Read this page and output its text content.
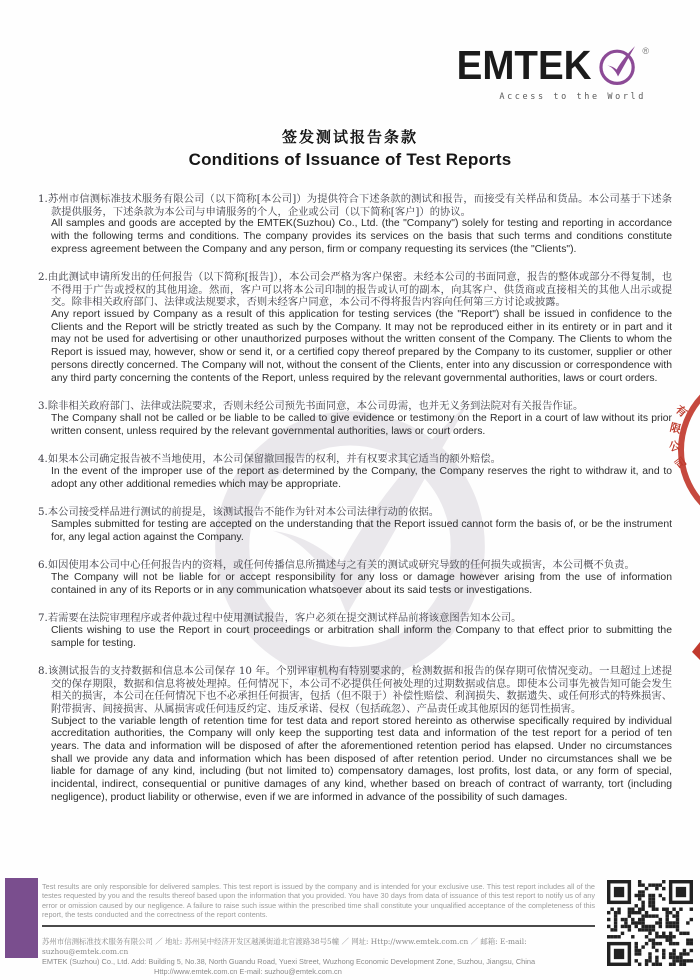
EMTEK	®
Access to the World
签发测试报告条款
Conditions of Issuance of Test Reports

1.苏州市信测标准技术服务有限公司（以下简称[本公司]）为提供符合下述条款的测试和报告，而接受有关样品和货品。本公司基于下述条款提供服务，下述条款为本公司与申请服务的个人，企业或公司（以下简称[客户]）的协议。

All samples and goods are accepted by the EMTEK(Suzhou) Co., Ltd. (the "Company") solely for testing and reporting in accordance with the following terms and conditions. The company provides its services on the basis that such terms and conditions constitute express agreement between the Company and any person, firm or company requesting its services (the "Clients").

2.由此测试申请所发出的任何报告（以下简称[报告]），本公司会严格为客户保密。未经本公司的书面同意，报告的整体或部分不得复制，也不得用于广告或授权的其他用途。然而，客户可以将本公司印制的报告或认可的副本，向其客户、供货商或直接相关的其他人出示或提交。除非相关政府部门、法律或法规要求，否则未经客户同意，本公司不得将报告内容向任何第三方讨论或披露。

Any report issued by Company as a result of this application for testing services (the "Report") shall be issued in confidence to the Clients and the Report will be strictly treated as such by the Company. It may not be reproduced either in its entirety or in part and it may not be used for advertising or other unauthorized purposes without the written consent of the Company. The Clients to whom the Report is issued may, however, show or send it, or a certified copy thereof prepared by the Company to its customer, supplier or other persons directly concerned. The Company will not, without the consent of the Clients, enter into any discussion or correspondence with any third party concerning the contents of the Report, unless required by the relevant governmental authorities, laws or court orders.

3.除非相关政府部门、法律或法院要求，否则未经公司预先书面同意，本公司毋需，也并无义务到法院对有关报告作证。

The Company shall not be called or be liable to be called to give evidence or testimony on the Report in a court of law without its prior written consent, unless required by the relevant governmental authorities, laws or court orders.

4.如果本公司确定报告被不当地使用，本公司保留撤回报告的权利，并有权要求其它适当的额外赔偿。

In the event of the improper use of the report as determined by the Company, the Company reserves the right to withdraw it, and to adopt any other additional remedies which may be appropriate.

5.本公司接受样品进行测试的前提是，该测试报告不能作为针对本公司法律行动的依据。

Samples submitted for testing are accepted on the understanding that the Report issued cannot form the basis of, or be the instrument for, any legal action against the Company.

6.如因使用本公司中心任何报告内的资料，或任何传播信息所描述与之有关的测试或研究导致的任何损失或损害，本公司概不负责。

The Company will not be liable for or accept responsibility for any loss or damage however arising from the use of information contained in any of its Reports or in any communication whatsoever about its said tests or investigations.

7.若需要在法院审理程序或者仲裁过程中使用测试报告，客户必须在提交测试样品前将该意图告知本公司。

Clients wishing to use the Report in court proceedings or arbitration shall inform the Company to that effect prior to submitting the sample for testing.

8.该测试报告的支持数据和信息本公司保存 10 年。个别评审机构有特别要求的，检测数据和报告的保存期可依情况变动。一旦超过上述提交的保存期限，数据和信息将被处理掉。任何情况下，本公司不必提供任何被处理的过期数据或信息。即使本公司事先被告知可能会发生相关的损害，本公司在任何情况下也不必承担任何损害，包括（但不限于）补偿性赔偿、利润损失、数据遗失、或任何形式的特殊损害、附带损害、间接损害、从属损害或任何违反约定、违反承诺、侵权（包括疏忽）、产品责任或其他原因的惩罚性损害。

Subject to the variable length of retention time for test data and report stored hereinto as otherwise specifically required by individual accreditation authorities, the Company will only keep the supporting test data and information of the test report for a period of ten years. The data and information will be disposed of after the aforementioned retention period has elapsed. Under no circumstances shall we provide any data and information which has been disposed of after retention period. Under no circumstances shall we be liable for damage of any kind, including (but not limited to) compensatory damages, lost profits, lost data, or any form of special, incidental, indirect, consequential or punitive damages of any kind, whether based on breach of contract of warranty, tort (including negligence), product liability or otherwise, even if we are informed in advance of the possibility of such damages.

有
限
公
司

Test results are only responsible for delivered samples. This test report is issued by the company and is intended for your exclusive use. This test report includes all of the testes requested by you and the results thereof based upon the information that you provided. You have 30 days from data of issuance of this test report to notify us of any error or omission caused by our negligence. A failure to raise such issue within the prescribed time shall constitute your unqualified acceptance of the completeness of this report, the tests conducted and the correctness of the report contents.

苏州市信测标准技术服务有限公司 ／ 地址: 苏州吴中经济开发区越溪街道北官渡路38号5幢 ／ 网址: Http://www.emtek.com.cn ／ 邮箱: E-mail: suzhou@emtek.com.cn

EMTEK (Suzhou) Co., Ltd. Add: Building 5, No.38, North Guandu Road, Yuexi Street, Wuzhong Economic Development Zone, Suzhou, Jiangsu, China

Http://www.emtek.com.cn E-mail: suzhou@emtek.com.cn
